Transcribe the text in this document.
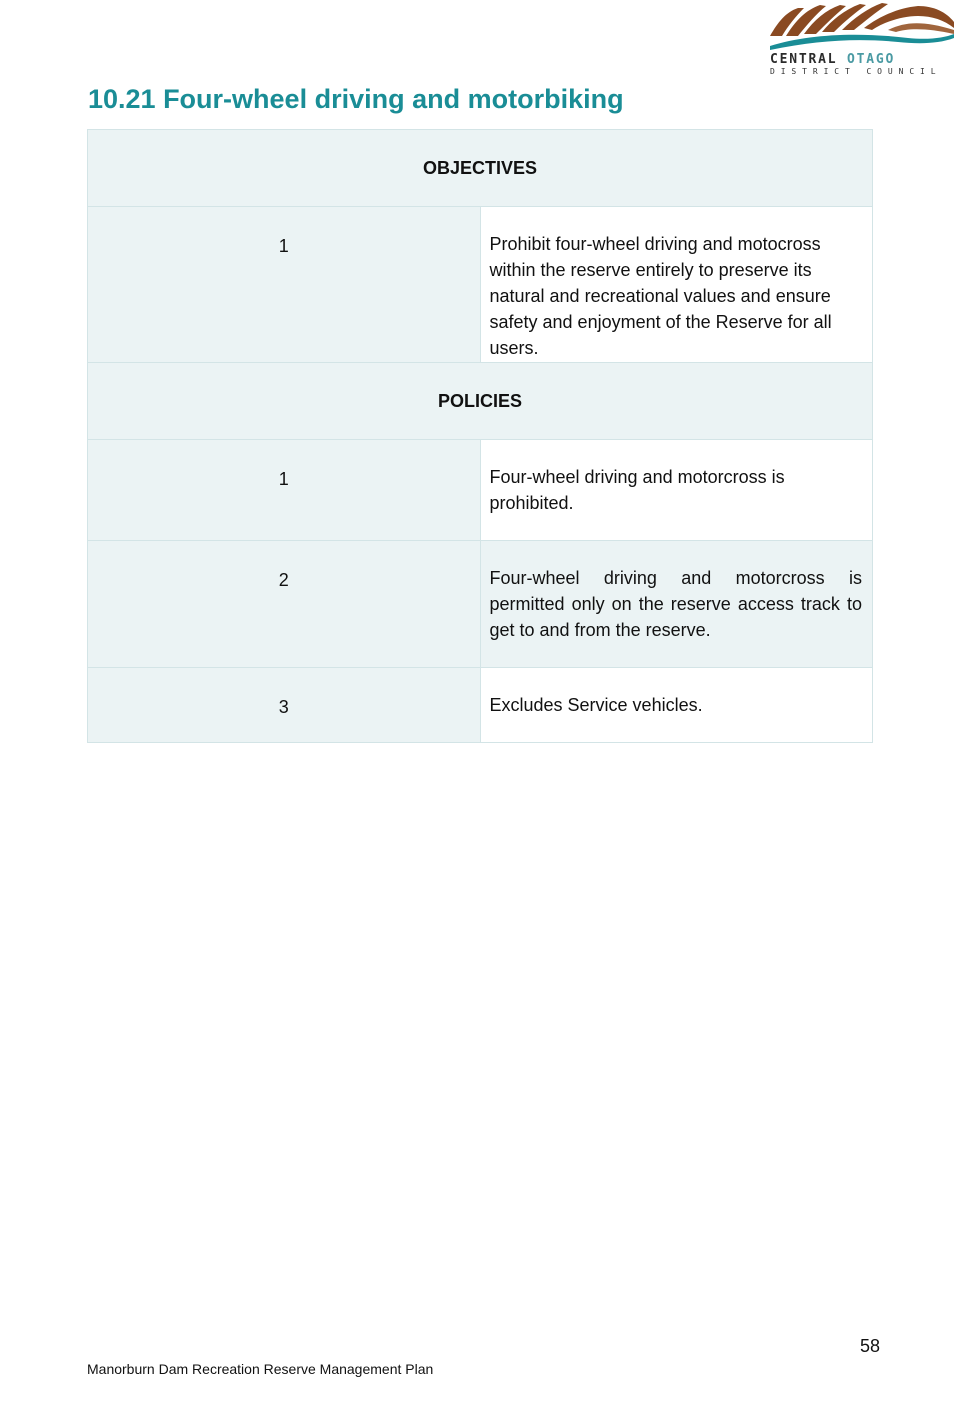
CENTRAL OTAGO
DISTRICT COUNCIL
10.21 Four-wheel driving and motorbiking
OBJECTIVES
1	Prohibit four-wheel driving and motocross within the reserve entirely to preserve its natural and recreational values and ensure safety and enjoyment of the Reserve for all users.
POLICIES	
1	Four-wheel driving and motorcross is prohibited.
2	Four-wheel driving and motorcross is permitted only on the reserve access track to get to and from the reserve.
3	Excludes Service vehicles.
58
Manorburn Dam Recreation Reserve Management Plan
